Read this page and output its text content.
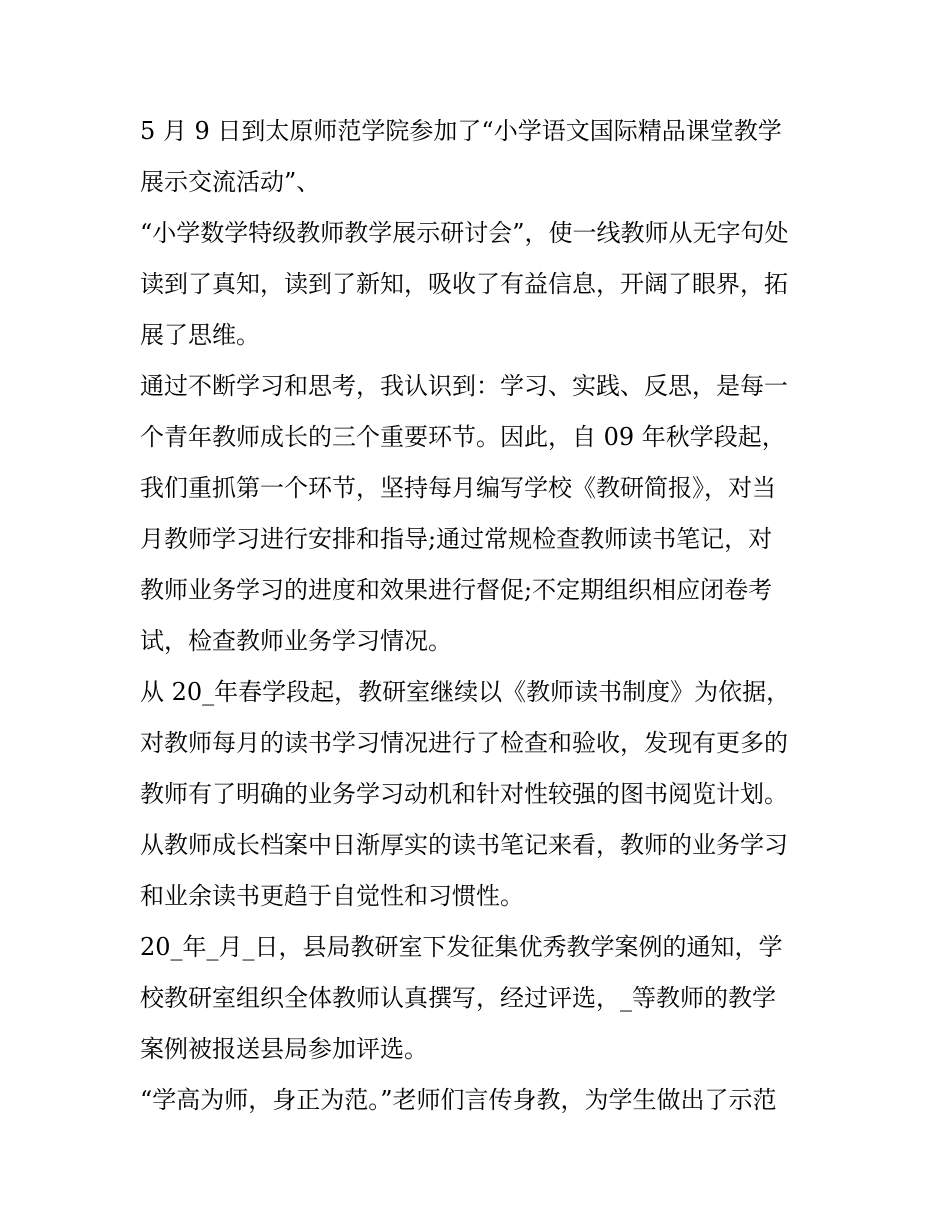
5 月 9 日到太原师范学院参加了“小学语文国际精品课堂教学
展示交流活动”、
“小学数学特级教师教学展示研讨会”，使一线教师从无字句处
读到了真知，读到了新知，吸收了有益信息，开阔了眼界，拓
展了思维。
通过不断学习和思考，我认识到：学习、实践、反思，是每一
个青年教师成长的三个重要环节。因此，自 09 年秋学段起，
我们重抓第一个环节，坚持每月编写学校《教研简报》，对当
月教师学习进行安排和指导;通过常规检查教师读书笔记，对
教师业务学习的进度和效果进行督促;不定期组织相应闭卷考
试，检查教师业务学习情况。
从 20_年春学段起，教研室继续以《教师读书制度》为依据，
对教师每月的读书学习情况进行了检查和验收，发现有更多的
教师有了明确的业务学习动机和针对性较强的图书阅览计划。
从教师成长档案中日渐厚实的读书笔记来看，教师的业务学习
和业余读书更趋于自觉性和习惯性。
20_年_月_日，县局教研室下发征集优秀教学案例的通知，学
校教研室组织全体教师认真撰写，经过评选，_等教师的教学
案例被报送县局参加评选。
“学高为师，身正为范。”老师们言传身教，为学生做出了示范
